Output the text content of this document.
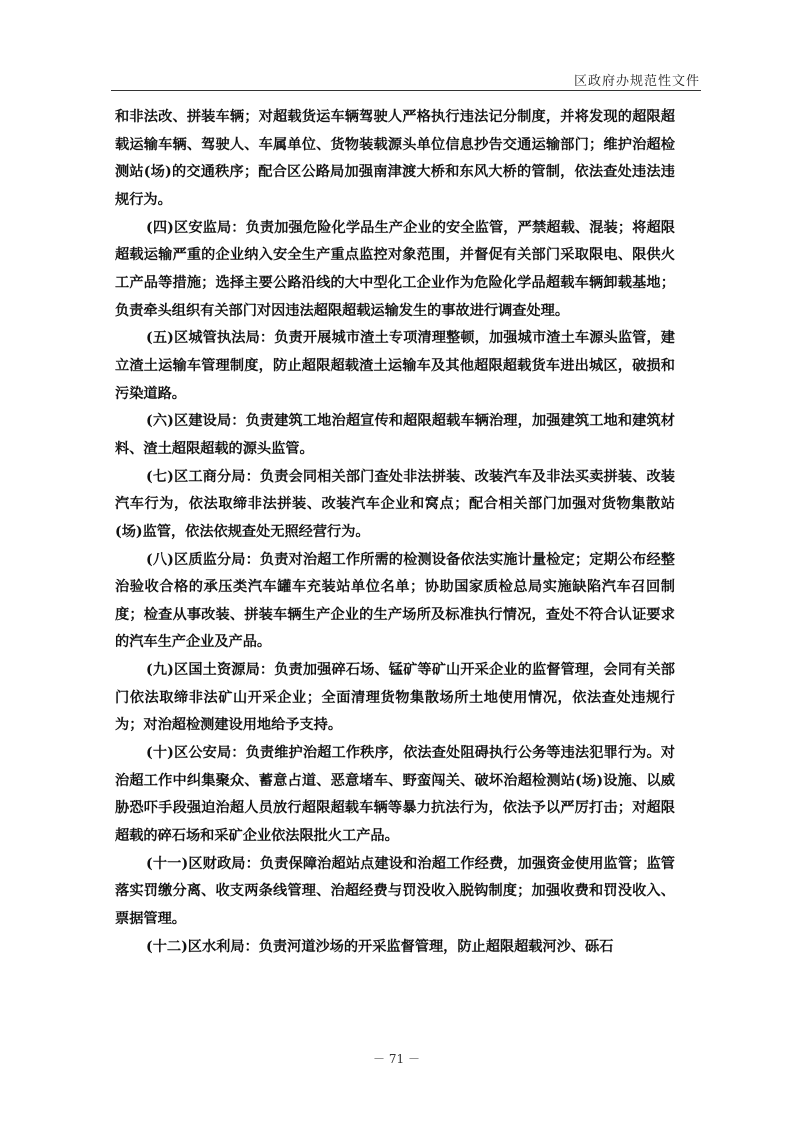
区政府办规范性文件

和非法改、拼装车辆；对超载货运车辆驾驶人严格执行违法记分制度，并将发现的超限超载运输车辆、驾驶人、车属单位、货物装载源头单位信息抄告交通运输部门；维护治超检测站(场)的交通秩序；配合区公路局加强南津渡大桥和东风大桥的管制，依法查处违法违规行为。

(四)区安监局：负责加强危险化学品生产企业的安全监管，严禁超载、混装；将超限超载运输严重的企业纳入安全生产重点监控对象范围，并督促有关部门采取限电、限供火工产品等措施；选择主要公路沿线的大中型化工企业作为危险化学品超载车辆卸载基地；负责牵头组织有关部门对因违法超限超载运输发生的事故进行调查处理。

(五)区城管执法局：负责开展城市渣土专项清理整顿，加强城市渣土车源头监管，建立渣土运输车管理制度，防止超限超载渣土运输车及其他超限超载货车进出城区，破损和污染道路。

(六)区建设局：负责建筑工地治超宣传和超限超载车辆治理，加强建筑工地和建筑材料、渣土超限超载的源头监管。

(七)区工商分局：负责会同相关部门查处非法拼装、改装汽车及非法买卖拼装、改装汽车行为，依法取缔非法拼装、改装汽车企业和窝点；配合相关部门加强对货物集散站(场)监管，依法依规查处无照经营行为。

(八)区质监分局：负责对治超工作所需的检测设备依法实施计量检定；定期公布经整治验收合格的承压类汽车罐车充装站单位名单；协助国家质检总局实施缺陷汽车召回制度；检查从事改装、拼装车辆生产企业的生产场所及标准执行情况，查处不符合认证要求的汽车生产企业及产品。

(九)区国土资源局：负责加强碎石场、锰矿等矿山开采企业的监督管理，会同有关部门依法取缔非法矿山开采企业；全面清理货物集散场所土地使用情况，依法查处违规行为；对治超检测建设用地给予支持。

(十)区公安局：负责维护治超工作秩序，依法查处阻碍执行公务等违法犯罪行为。对治超工作中纠集聚众、蓄意占道、恶意堵车、野蛮闯关、破坏治超检测站(场)设施、以威胁恐吓手段强迫治超人员放行超限超载车辆等暴力抗法行为，依法予以严厉打击；对超限超载的碎石场和采矿企业依法限批火工产品。

(十一)区财政局：负责保障治超站点建设和治超工作经费，加强资金使用监管；监管落实罚缴分离、收支两条线管理、治超经费与罚没收入脱钩制度；加强收费和罚没收入、票据管理。

(十二)区水利局：负责河道沙场的开采监督管理，防止超限超载河沙、砾石

－ 71 －
